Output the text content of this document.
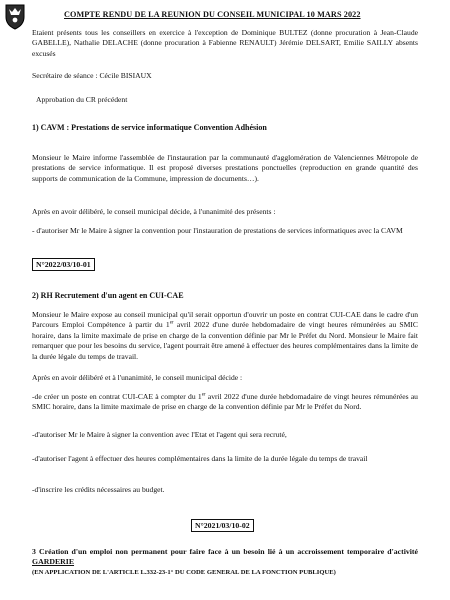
COMPTE RENDU DE LA REUNION DU CONSEIL MUNICIPAL 10 MARS 2022

Etaient présents tous les conseillers en exercice à l'exception de Dominique BULTEZ (donne procuration à Jean-Claude GABELLE), Nathalie DELACHE (donne procuration à Fabienne RENAULT) Jérémie DELSART, Emilie SAILLY absents excusés

Secrétaire de séance : Cécile BISIAUX

Approbation du CR précédent

1) CAVM : Prestations de service informatique Convention Adhésion

Monsieur le Maire informe l'assemblée de l'instauration par la communauté d'agglomération de Valenciennes Métropole de prestations de service informatique. Il est proposé diverses prestations ponctuelles (reproduction en grande quantité des supports de communication de la Commune, impression de documents…).

Après en avoir délibéré, le conseil municipal décide, à l'unanimité des présents :

- d'autoriser Mr le Maire à signer la convention pour l'instauration de prestations de services informatiques avec la CAVM

N°2022/03/10-01

2) RH Recrutement d'un agent en CUI-CAE

Monsieur le Maire expose au conseil municipal qu'il serait opportun d'ouvrir un poste en contrat CUI-CAE dans le cadre d'un Parcours Emploi Compétence à partir du 1er avril 2022 d'une durée hebdomadaire de vingt heures rémunérées au SMIC horaire, dans la limite maximale de prise en charge de la convention définie par Mr le Préfet du Nord. Monsieur le Maire fait remarquer que pour les besoins du service, l'agent pourrait être amené à effectuer des heures complémentaires dans la limite de la durée légale du temps de travail.

Après en avoir délibéré et à l'unanimité, le conseil municipal décide :

-de créer un poste en contrat CUI-CAE à compter du 1er avril 2022 d'une durée hebdomadaire de vingt heures rémunérées au SMIC horaire, dans la limite maximale de prise en charge de la convention définie par Mr le Préfet du Nord.

-d'autoriser Mr le Maire à signer la convention avec l'Etat et l'agent qui sera recruté,

-d'autoriser l'agent à effectuer des heures complémentaires dans la limite de la durée légale du temps de travail

-d'inscrire les crédits nécessaires au budget.

N°2021/03/10-02

3 Création d'un emploi non permanent pour faire face à un besoin lié à un accroissement temporaire d'activité GARDERIE

(EN APPLICATION DE L'ARTICLE L.332-23-1° DU CODE GENERAL DE LA FONCTION PUBLIQUE)
